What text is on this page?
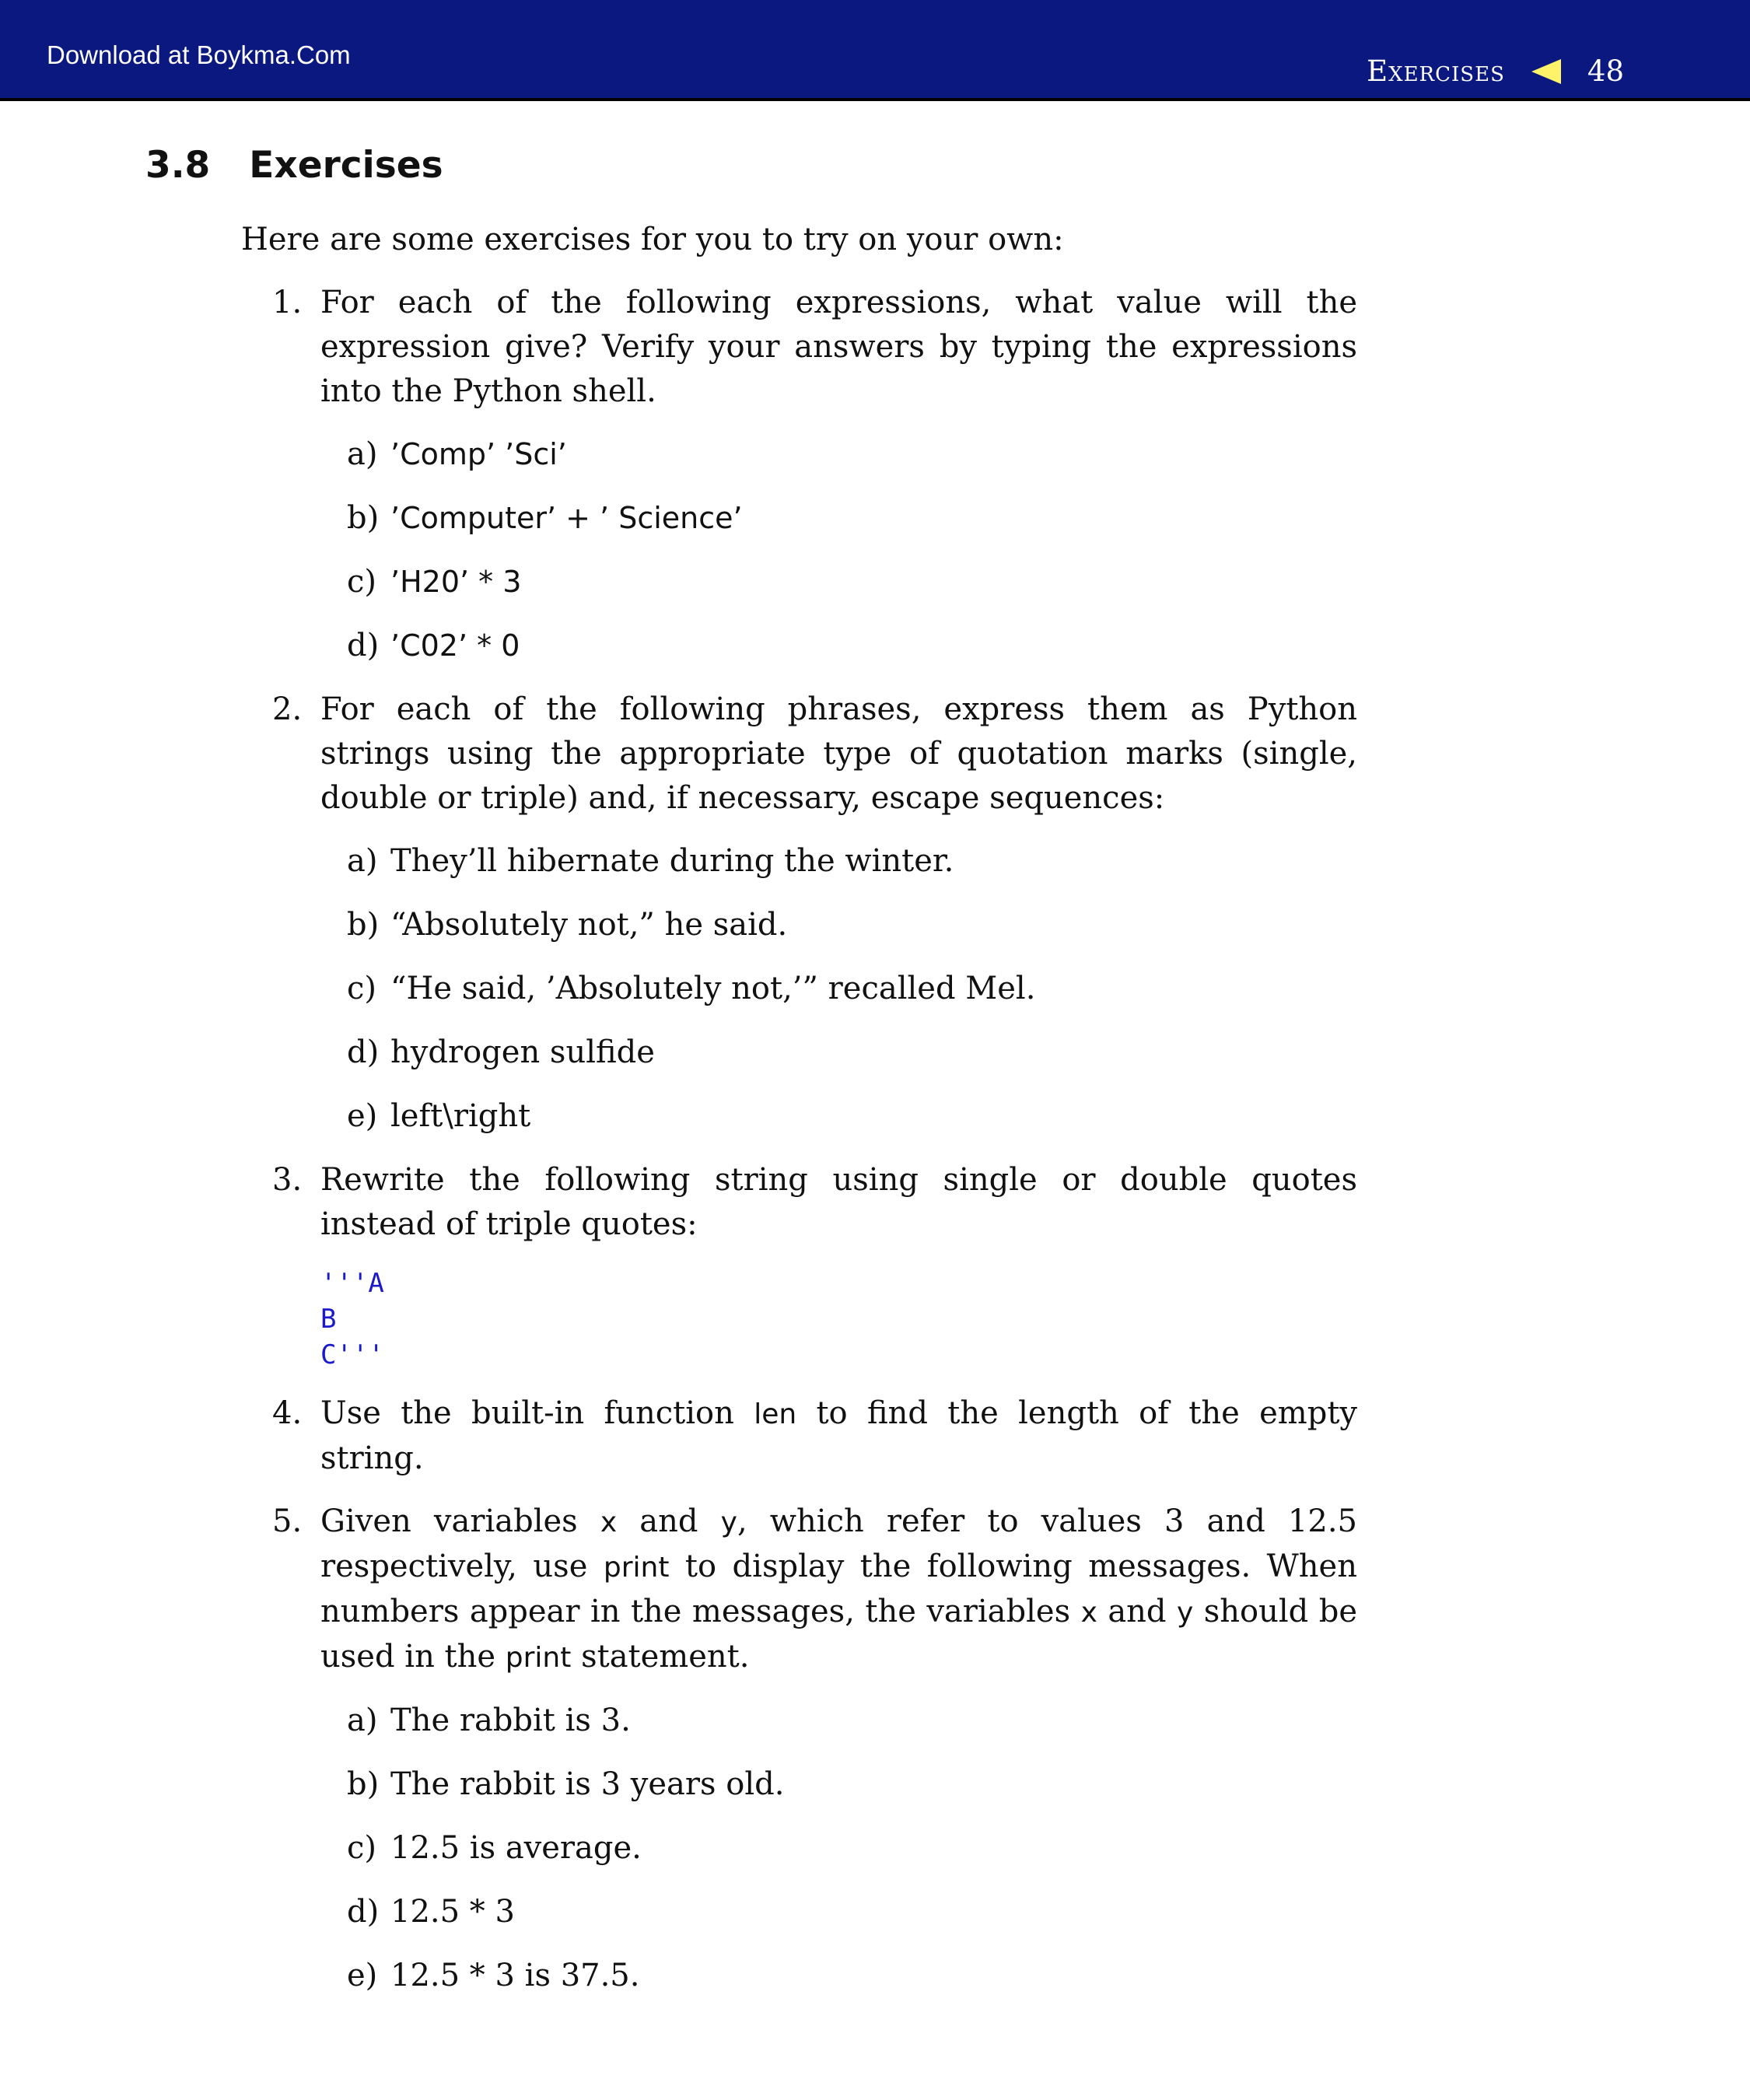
Download at Boykma.Com	Exercises	48
3.8 Exercises

Here are some exercises for you to try on your own:

1. For each of the following expressions, what value will the expression give? Verify your answers by typing the expressions into the Python shell.
a) ’Comp’ ’Sci’
b) ’Computer’ + ’ Science’
c) ’H20’ * 3
d) ’C02’ * 0
2. For each of the following phrases, express them as Python strings using the appropriate type of quotation marks (single, double or triple) and, if necessary, escape sequences:
a) They’ll hibernate during the winter.
b) “Absolutely not,” he said.
c) “He said, ’Absolutely not,’” recalled Mel.
d) hydrogen sulfide
e) left\right
3. Rewrite the following string using single or double quotes instead of triple quotes:
'''A
B
C'''
4. Use the built-in function len to find the length of the empty string.
5. Given variables x and y, which refer to values 3 and 12.5 respectively, use print to display the following messages. When numbers appear in the messages, the variables x and y should be used in the print statement.
a) The rabbit is 3.
b) The rabbit is 3 years old.
c) 12.5 is average.
d) 12.5 * 3
e) 12.5 * 3 is 37.5.
